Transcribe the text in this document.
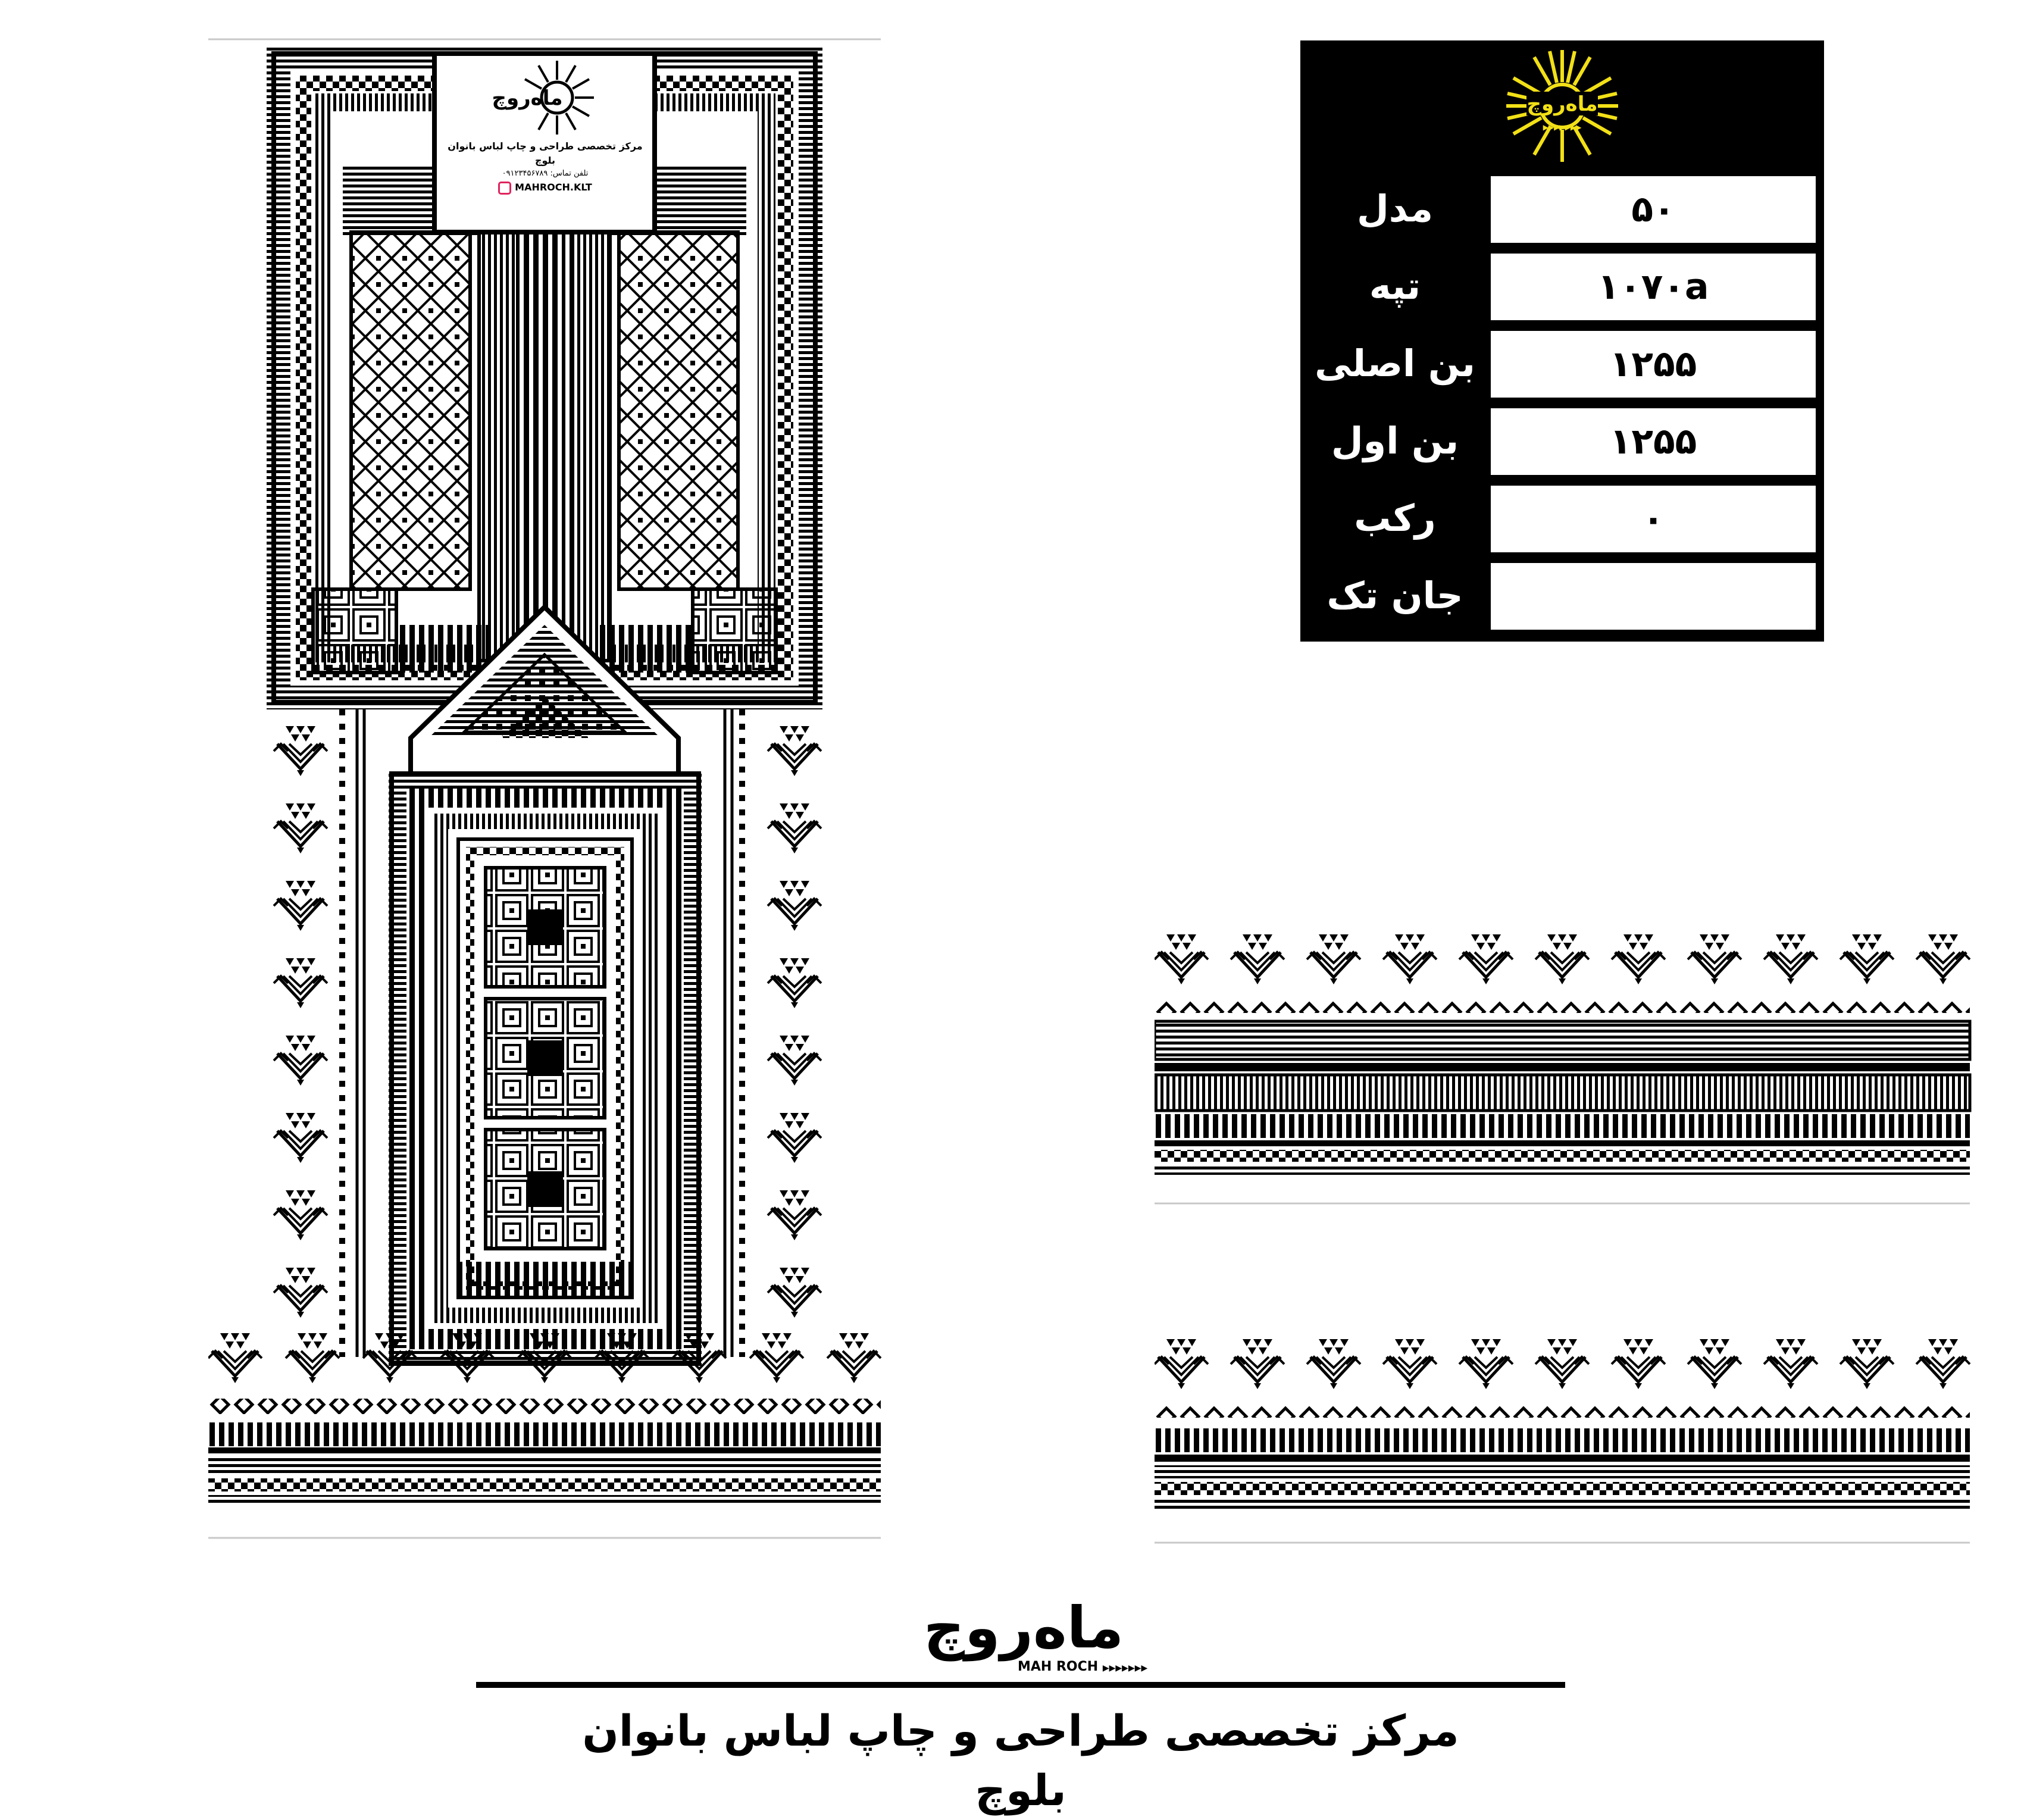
ماه‌روچ
مرکز تخصصی طراحی و چاپ لباس بانوان بلوچ
تلفن تماس: ۰۹۱۲۳۴۵۶۷۸۹
MAHROCH.KLT
ماه‌روچ
▶▶▶▶▶▶▶
مدل	۵۰
تپه	۱۰۷۰a
بن اصلی	۱۲۵۵
بن اول	۱۲۵۵
رکب	۰
جان تک
ماه‌روچ
MAH ROCH ▶▶▶▶▶▶▶
مرکز تخصصی طراحی و چاپ لباس بانوان بلوچ
